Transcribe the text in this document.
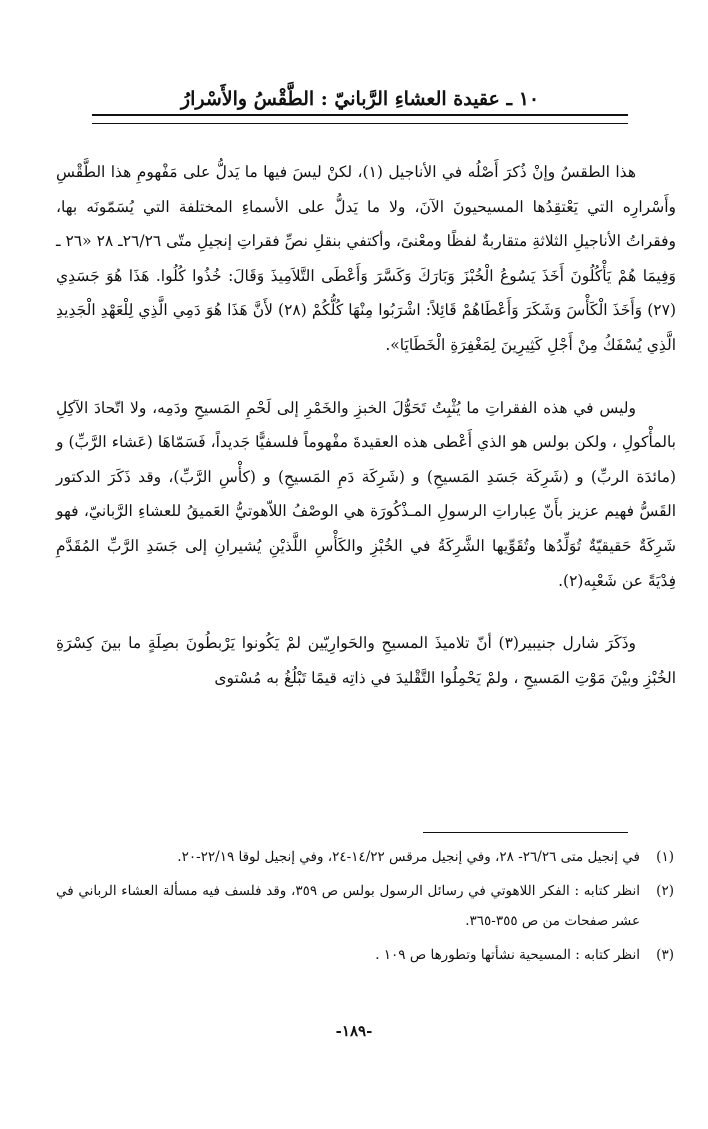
١٠ ـ عقيدة العشاءِ الرَّبانيّ : الطَّقْسُ والأَسْرارُ

هذا الطقسُ وإنْ ذُكرَ أَصْلُه في الأناجيل (١)، لكنْ ليسَ فيها ما يَدلُّ على مَفْهومِ هذا الطَّقْسِ وأَسْرارِه التي يَعْتقِدُها المسيحيونَ الآنَ، ولا ما يَدلُّ على الأسماءِ المختلفة التي يُسَمّونَه بها، وفقراتُ الأناجيلِ الثلاثةِ متقاربةٌ لفظًا ومعْنىً، وأكتفي بنقلِ نصِّ فقراتِ إنجيلِ متّى ٢٦/٢٦ـ ٢٨ «٢٦ ـ وَفِيمَا هُمْ يَأْكُلُونَ أَخَذَ يَسُوعُ الْخُبْزَ وَبَارَكَ وَكَسَّرَ وَأَعْطَى التَّلاَمِيذَ وَقَالَ: خُذُوا كُلُوا. هَذَا هُوَ جَسَدِي (٢٧) وَأَخَذَ الْكَأْسَ وَشَكَرَ وَأَعْطَاهُمْ قَائِلاً: اشْرَبُوا مِنْهَا كُلُّكُمْ (٢٨) لأَنَّ هَذَا هُوَ دَمِي الَّذِي لِلْعَهْدِ الْجَدِيدِ الَّذِي يُسْفَكُ مِنْ أَجْلِ كَثِيرِينَ لِمَغْفِرَةِ الْخَطَايَا».

وليس في هذه الفقراتِ ما يُثْبِتُ تَحَوُّلَ الخبزِ والخَمْرِ إلى لَحْمِ المَسيحِ ودَمِه، ولا اتّحادَ الآكِلِ بالمأْكولِ ، ولكن بولس هو الذي أَعْطى هذه العقيدةَ مفْهوماً فلسفيًّا جَديداً، فَسَمّاهَا (عَشاء الرَّبِّ) و (مائدَة الربِّ) و (شَرِكَة جَسَدِ المَسيحِ) و (شَرِكَة دَمِ المَسيحِ) و (كأْسِ الرَّبِّ)، وقد ذَكَرَ الدكتور القَسُّ فهيم عزيز بأَنّ عِباراتِ الرسولِ المـذْكُورَة هي الوصْفُ اللاّهوتيُّ العَميقُ للعشاءِ الرَّبانيّ، فهو شَرِكَةٌ حَقيقيّةٌ تُوَلِّدُها وتُقَوِّيها الشَّرِكَةُ في الخُبْزِ والكَأْسِ اللَّذيْنِ يُشيرانِ إلى جَسَدِ الرَّبِّ المُقَدَّمِ فِدْيَةً عن شَعْبِه(٢).

وذَكَرَ شارل جنيبير(٣) أنّ تلاميذَ المسيحِ والحَوارِيّين لمْ يَكُونوا يَرْبطُونَ بصِلَةٍ ما بينَ كِسْرَةِ الخُبْزِ وبيْنَ مَوْتِ المَسيحِ ، ولمْ يَحْمِلُوا التَّقْليدَ في ذاتِه قيمًا تَبْلُغُ به مُسْتوى

(١)
في إنجيل متى ٢٦/٢٦- ٢٨، وفي إنجيل مرقس ١٤/٢٢-٢٤، وفي إنجيل لوقا ٢٢/١٩-٢٠.
(٢)
انظر كتابه : الفكر اللاهوتي في رسائل الرسول بولس ص ٣٥٩، وقد فلسف فيه مسألة العشاء الرباني في عشر صفحات من ص ٣٥٥-٣٦٥.
(٣)
انظر كتابه : المسيحية نشأتها وتطورها ص ١٠٩ .
-١٨٩-
